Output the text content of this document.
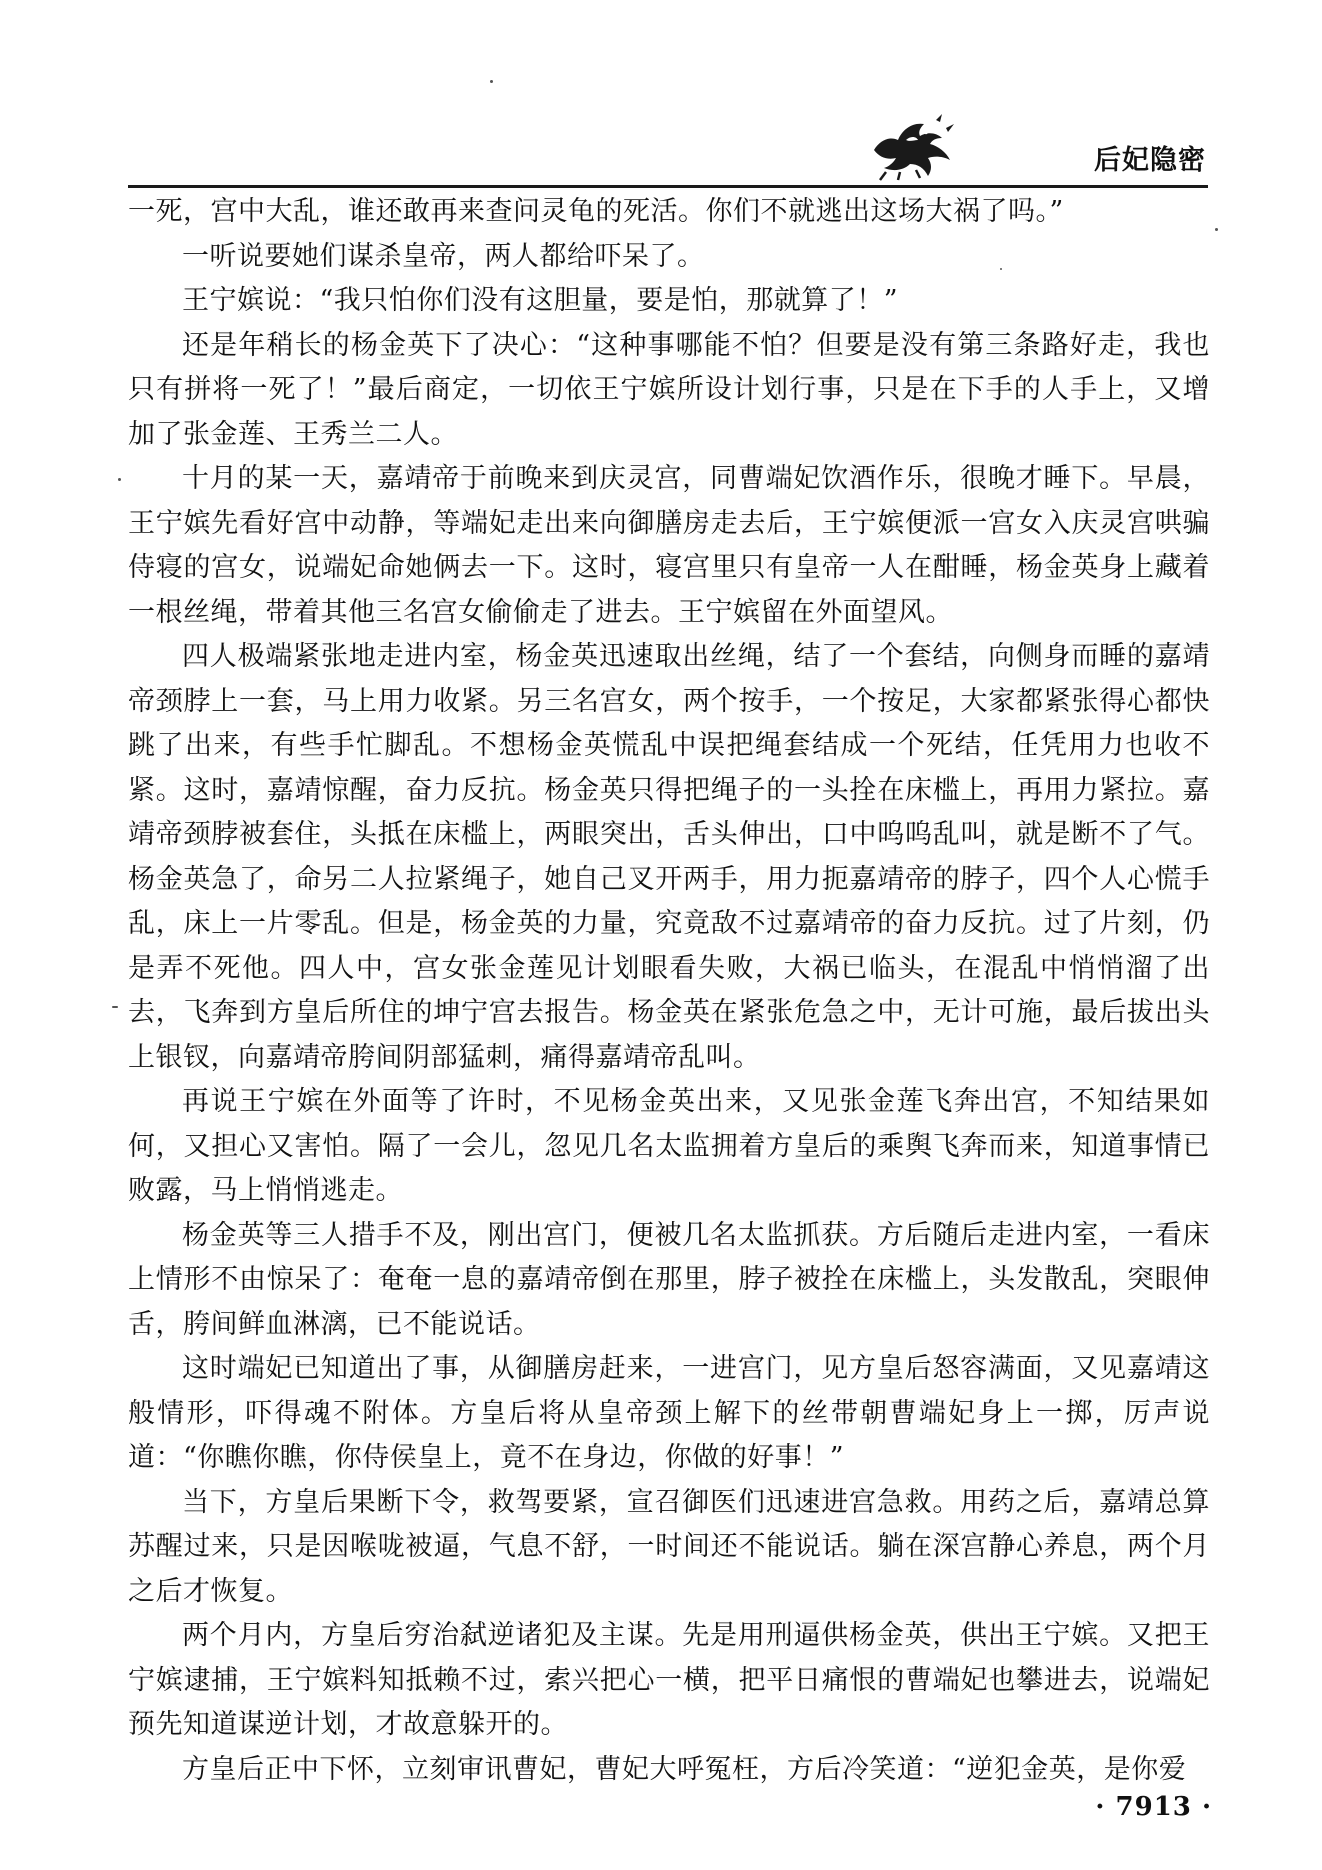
后妃隐密

一死，宫中大乱，谁还敢再来查问灵龟的死活。你们不就逃出这场大祸了吗。”

一听说要她们谋杀皇帝，两人都给吓呆了。

王宁嫔说：“我只怕你们没有这胆量，要是怕，那就算了！”

还是年稍长的杨金英下了决心：“这种事哪能不怕？但要是没有第三条路好走，我也只有拼将一死了！”最后商定，一切依王宁嫔所设计划行事，只是在下手的人手上，又增加了张金莲、王秀兰二人。

十月的某一天，嘉靖帝于前晚来到庆灵宫，同曹端妃饮酒作乐，很晚才睡下。早晨，王宁嫔先看好宫中动静，等端妃走出来向御膳房走去后，王宁嫔便派一宫女入庆灵宫哄骗侍寝的宫女，说端妃命她俩去一下。这时，寝宫里只有皇帝一人在酣睡，杨金英身上藏着一根丝绳，带着其他三名宫女偷偷走了进去。王宁嫔留在外面望风。

四人极端紧张地走进内室，杨金英迅速取出丝绳，结了一个套结，向侧身而睡的嘉靖帝颈脖上一套，马上用力收紧。另三名宫女，两个按手，一个按足，大家都紧张得心都快跳了出来，有些手忙脚乱。不想杨金英慌乱中误把绳套结成一个死结，任凭用力也收不紧。这时，嘉靖惊醒，奋力反抗。杨金英只得把绳子的一头拴在床槛上，再用力紧拉。嘉靖帝颈脖被套住，头抵在床槛上，两眼突出，舌头伸出，口中呜呜乱叫，就是断不了气。杨金英急了，命另二人拉紧绳子，她自己叉开两手，用力扼嘉靖帝的脖子，四个人心慌手乱，床上一片零乱。但是，杨金英的力量，究竟敌不过嘉靖帝的奋力反抗。过了片刻，仍是弄不死他。四人中，宫女张金莲见计划眼看失败，大祸已临头，在混乱中悄悄溜了出去，飞奔到方皇后所住的坤宁宫去报告。杨金英在紧张危急之中，无计可施，最后拔出头上银钗，向嘉靖帝胯间阴部猛刺，痛得嘉靖帝乱叫。

再说王宁嫔在外面等了许时，不见杨金英出来，又见张金莲飞奔出宫，不知结果如何，又担心又害怕。隔了一会儿，忽见几名太监拥着方皇后的乘舆飞奔而来，知道事情已败露，马上悄悄逃走。

杨金英等三人措手不及，刚出宫门，便被几名太监抓获。方后随后走进内室，一看床上情形不由惊呆了：奄奄一息的嘉靖帝倒在那里，脖子被拴在床槛上，头发散乱，突眼伸舌，胯间鲜血淋漓，已不能说话。

这时端妃已知道出了事，从御膳房赶来，一进宫门，见方皇后怒容满面，又见嘉靖这般情形，吓得魂不附体。方皇后将从皇帝颈上解下的丝带朝曹端妃身上一掷，厉声说道：“你瞧你瞧，你侍侯皇上，竟不在身边，你做的好事！”

当下，方皇后果断下令，救驾要紧，宣召御医们迅速进宫急救。用药之后，嘉靖总算苏醒过来，只是因喉咙被逼，气息不舒，一时间还不能说话。躺在深宫静心养息，两个月之后才恢复。

两个月内，方皇后穷治弑逆诸犯及主谋。先是用刑逼供杨金英，供出王宁嫔。又把王宁嫔逮捕，王宁嫔料知抵赖不过，索兴把心一横，把平日痛恨的曹端妃也攀进去，说端妃预先知道谋逆计划，才故意躲开的。

方皇后正中下怀，立刻审讯曹妃，曹妃大呼冤枉，方后冷笑道：“逆犯金英，是你爱

· 7913 ·
